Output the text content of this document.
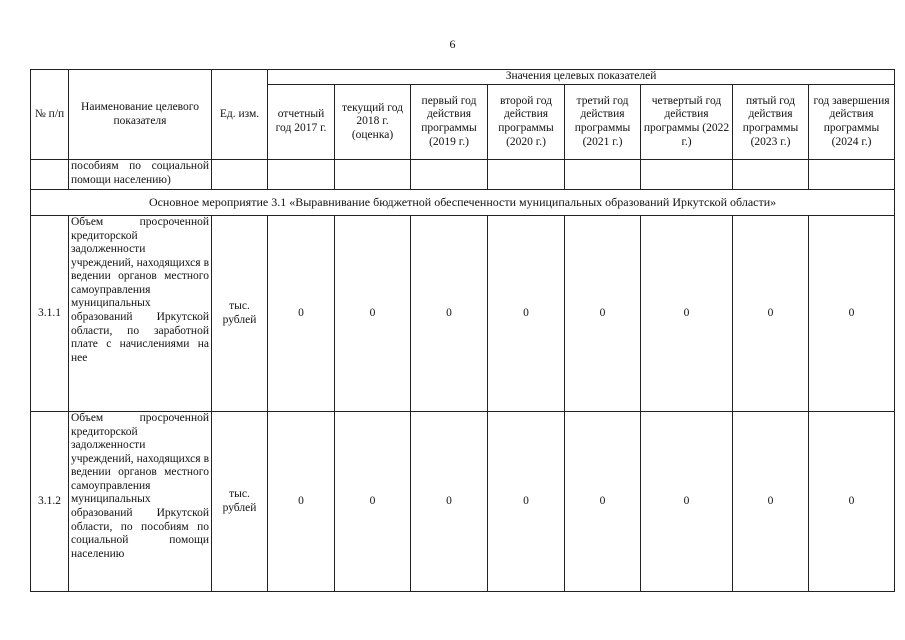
6
№ п/п	Наименование целевого показателя	Ед. изм.	Значения целевых показателей							
			отчетный год 2017 г.	текущий год 2018 г. (оценка)	первый год действия программы (2019 г.)	второй год действия программы (2020 г.)	третий год действия программы (2021 г.)	четвертый год действия программы (2022 г.)	пятый год действия программы (2023 г.)	год завершения действия программы (2024 г.)
	пособиям по социальной помощи населению)									
Основное мероприятие 3.1 «Выравнивание бюджетной обеспеченности муниципальных образований Иркутской области»										
3.1.1	Объем просроченной кредиторской задолженности учреждений, находящихся в ведении органов местного самоуправления муниципальных образований Иркутской области, по заработной плате с начислениями на нее	тыс. рублей	0	0	0	0	0	0	0	0
3.1.2	Объем просроченной кредиторской задолженности учреждений, находящихся в ведении органов местного самоуправления муниципальных образований Иркутской области, по пособиям по социальной помощи населению	тыс. рублей	0	0	0	0	0	0	0	0
